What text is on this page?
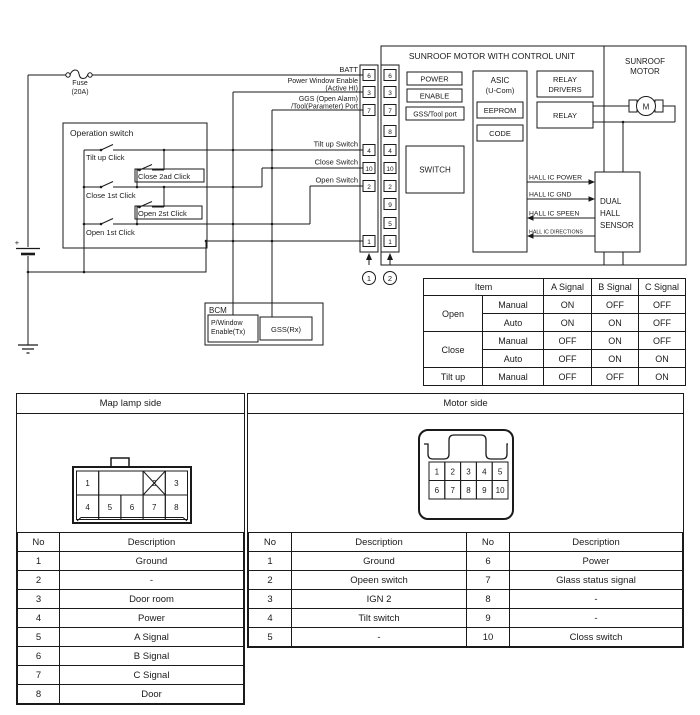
Fuse
(20A)
+
Operation switch
Tilt up Click
Close 2ad Click
Close 1st Click
Open 2st Click
Open 1st Click
BATT
Power Window Enable
(Active HI)
GGS (Open Alarm)
/Tool(Parameter) Port
Tilt up Switch
Close Switch
Open Switch
SUNROOF MOTOR WITH CONTROL UNIT
SUNROOF
MOTOR
6
3
7
4
10
2
1
6
3
7
8
4
10
2
9
5
1
1 2
POWER
ENABLE
GSS/Tool port
ASIC
(U-Com)
EEPROM
CODE
RELAY
DRIVERS
RELAY
SWITCH
M
HALL IC POWER
HALL IC GND
HALL IC SPEEN
HALL IC DIRECTIONS
DUAL
HALL
SENSOR
BCM
P/Window
Enable(Tx)	GSS(Rx)
Item		A Signal	B Signal	C Signal
Open	Manual	ON	OFF	OFF
	Auto	ON	ON	OFF
Close	Manual	OFF	ON	OFF
	Auto	OFF	ON	ON
Tilt up	Manual	OFF	OFF	ON
Map lamp side
1	2 3
4 5 6 7 8
No	Description
1	Ground
2	-
3	Door room
4	Power
5	A Signal
6	B Signal
7	C Signal
8	Door
Motor side
1 2 3 4 5
6 7 8 9 10
No	Description	No	Description
1	Ground	6	Power
2	Opeen switch	7	Glass status signal
3	IGN 2	8	-
4	Tilt switch	9	-
5	-	10	Closs switch
